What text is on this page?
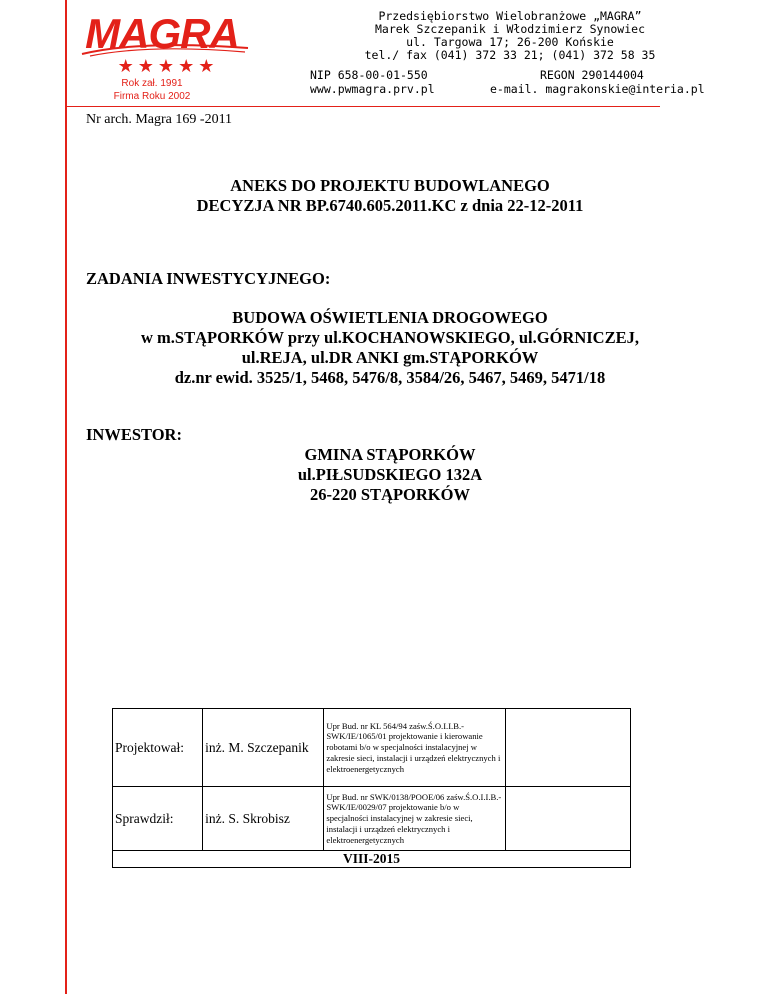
MAGRA
★★★★★
Rok zał. 1991
Firma Roku 2002
Przedsiębiorstwo Wielobranżowe „MAGRA”
Marek Szczepanik i Włodzimierz Synowiec
ul. Targowa 17; 26-200 Końskie
tel./ fax (041) 372 33 21; (041) 372 58 35
NIP 658-00-01-550	REGON 290144004
www.pwmagra.prv.pl	e-mail. magrakonskie@interia.pl
Nr arch. Magra 169 -2011
ANEKS DO PROJEKTU BUDOWLANEGO
DECYZJA NR BP.6740.605.2011.KC z dnia 22-12-2011
ZADANIA INWESTYCYJNEGO:
BUDOWA OŚWIETLENIA DROGOWEGO
w m.STĄPORKÓW przy ul.KOCHANOWSKIEGO, ul.GÓRNICZEJ,
ul.REJA, ul.DR ANKI gm.STĄPORKÓW
dz.nr ewid. 3525/1, 5468, 5476/8, 3584/26, 5467, 5469, 5471/18
INWESTOR:
GMINA STĄPORKÓW
ul.PIŁSUDSKIEGO 132A
26-220 STĄPORKÓW
Projektował:	inż. M. Szczepanik	Upr Bud. nr KL 564/94 zaśw.Ś.O.I.I.B.-SWK/IE/1065/01 projektowanie i kierowanie robotami b/o w specjalności instalacyjnej w zakresie sieci, instalacji i urządzeń elektrycznych i elektroenergetycznych	
Sprawdził:	inż. S. Skrobisz	Upr Bud. nr SWK/0138/POOE/06 zaśw.Ś.O.I.I.B.-SWK/IE/0029/07 projektowanie b/o w specjalności instalacyjnej w zakresie sieci, instalacji i urządzeń elektrycznych i elektroenergetycznych	
VIII-2015			
